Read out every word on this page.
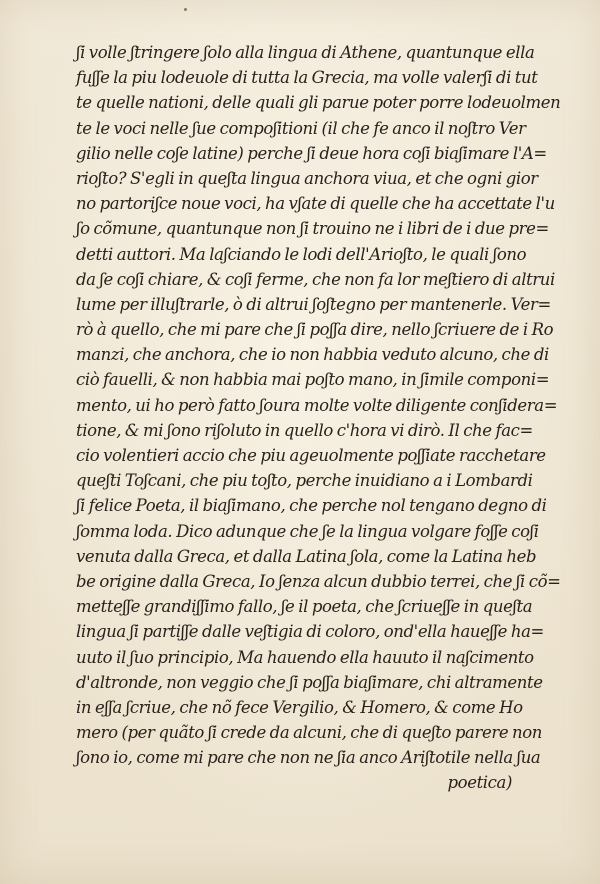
ʃi volle ʃtringere ʃolo alla lingua di Athene, quantunque ella
fuʃʃe la piu lodeuole di tutta la Grecia, ma volle valerʃi di tut
te quelle nationi, delle quali gli parue poter porre lodeuolmen
te le voci nelle ʃue compoʃitioni (il che fe anco il noʃtro Ver
gilio nelle coʃe latine) perche ʃi deue hora coʃi biaʃimare l'A=
rioʃto? S'egli in queʃta lingua anchora viua, et che ogni gior
no partoriʃce noue voci, ha vʃate di quelle che ha accettate l'u
ʃo cõmune, quantunque non ʃi trouino ne i libri de i due pre=
detti auttori. Ma laʃciando le lodi dell'Arioʃto, le quali ʃono
da ʃe coʃi chiare, & coʃi ferme, che non fa lor meʃtiero di altrui
lume per illuʃtrarle, ò di altrui ʃoʃtegno per mantenerle. Ver=
rò à quello, che mi pare che ʃi poʃʃa dire, nello ʃcriuere de i Ro
manzi, che anchora, che io non habbia veduto alcuno, che di
ciò fauelli, & non habbia mai poʃto mano, in ʃimile componi=
mento, ui ho però fatto ʃoura molte volte diligente conʃidera=
tione, & mi ʃono riʃoluto in quello c'hora vi dirò. Il che fac=
cio volentieri accio che piu ageuolmente poʃʃiate racchetare
queʃti Toʃcani, che piu toʃto, perche inuidiano a i Lombardi
ʃi felice Poeta, il biaʃimano, che perche nol tengano degno di
ʃomma loda. Dico adunque che ʃe la lingua volgare foʃʃe coʃi
venuta dalla Greca, et dalla Latina ʃola, come la Latina heb
be origine dalla Greca, Io ʃenza alcun dubbio terrei, che ʃi cõ=
metteʃʃe grandiʃʃimo fallo, ʃe il poeta, che ʃcriueʃʃe in queʃta
lingua ʃi partiʃʃe dalle veʃtigia di coloro, ond'ella haueʃʃe ha=
uuto il ʃuo principio, Ma hauendo ella hauuto il naʃcimento
d'altronde, non veggio che ʃi poʃʃa biaʃimare, chi altramente
in eʃʃa ʃcriue, che nõ fece Vergilio, & Homero, & come Ho
mero (per quãto ʃi crede da alcuni, che di queʃto parere non
ʃono io, come mi pare che non ne ʃia anco Ariʃtotile nella ʃua
poetica)
